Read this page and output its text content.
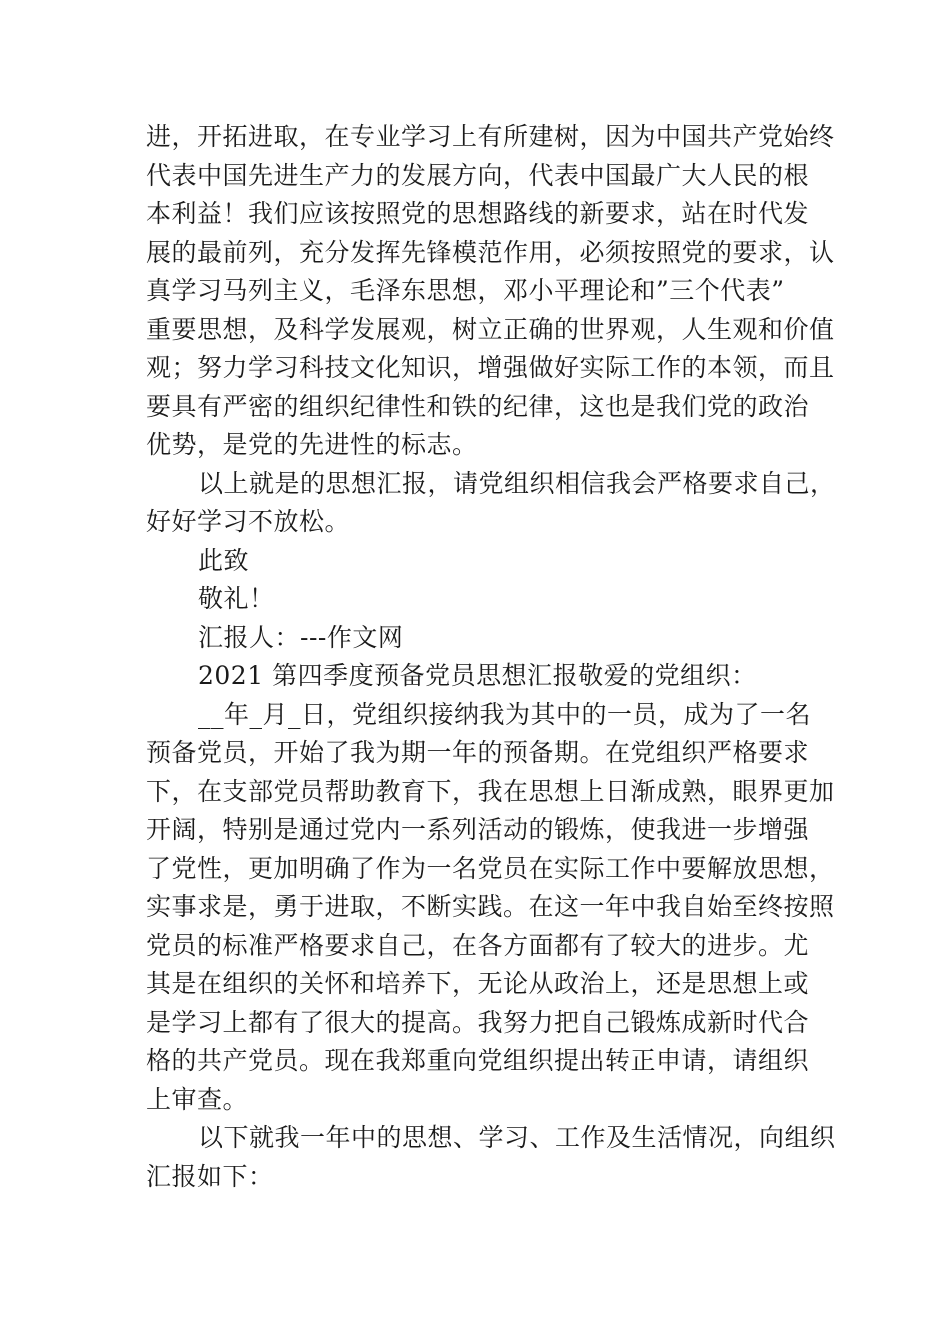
进，开拓进取，在专业学习上有所建树，因为中国共产党始终
代表中国先进生产力的发展方向，代表中国最广大人民的根
本利益！我们应该按照党的思想路线的新要求，站在时代发
展的最前列，充分发挥先锋模范作用，必须按照党的要求，认
真学习马列主义，毛泽东思想，邓小平理论和”三个代表”
重要思想，及科学发展观，树立正确的世界观，人生观和价值
观；努力学习科技文化知识，增强做好实际工作的本领，而且
要具有严密的组织纪律性和铁的纪律，这也是我们党的政治
优势，是党的先进性的标志。
以上就是的思想汇报，请党组织相信我会严格要求自己，
好好学习不放松。
此致
敬礼！
汇报人：---作文网
2021 第四季度预备党员思想汇报敬爱的党组织：
__年_月_日，党组织接纳我为其中的一员，成为了一名
预备党员，开始了我为期一年的预备期。在党组织严格要求
下，在支部党员帮助教育下，我在思想上日渐成熟，眼界更加
开阔，特别是通过党内一系列活动的锻炼，使我进一步增强
了党性，更加明确了作为一名党员在实际工作中要解放思想，
实事求是，勇于进取，不断实践。在这一年中我自始至终按照
党员的标准严格要求自己，在各方面都有了较大的进步。尤
其是在组织的关怀和培养下，无论从政治上，还是思想上或
是学习上都有了很大的提高。我努力把自己锻炼成新时代合
格的共产党员。现在我郑重向党组织提出转正申请，请组织
上审查。
以下就我一年中的思想、学习、工作及生活情况，向组织
汇报如下：
